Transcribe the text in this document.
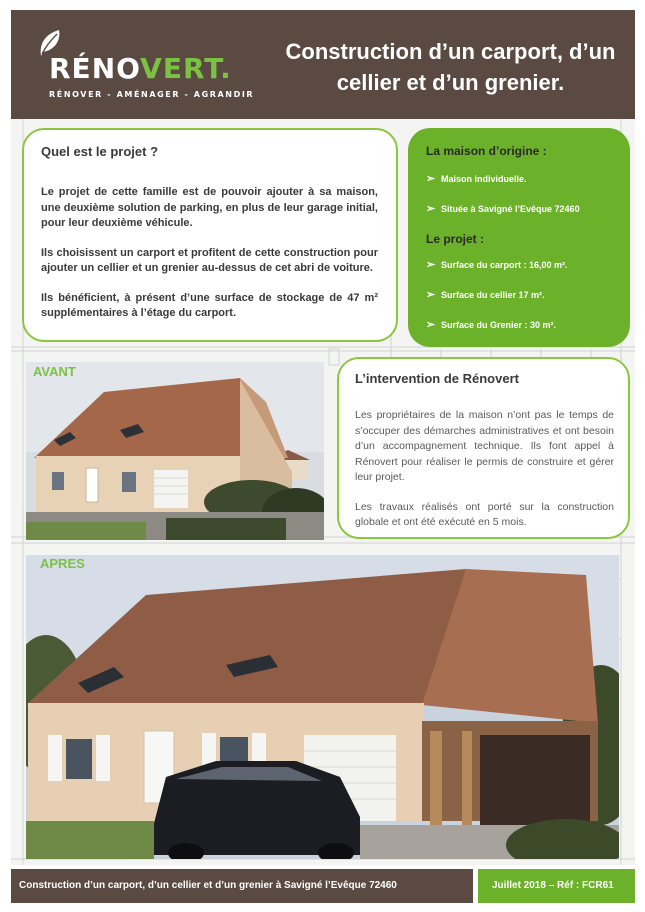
RÉNOVERT.
RÉNOVER - AMÉNAGER - AGRANDIR
Construction d’un carport, d’un
cellier et d’un grenier.
Quel est le projet ?

Le projet de cette famille est de pouvoir ajouter à sa maison, une deuxième solution de parking, en plus de leur garage initial, pour leur deuxième véhicule.

Ils choisissent un carport et profitent de cette construction pour ajouter un cellier et un grenier au-dessus de cet abri de voiture.

Ils bénéficient, à présent d’une surface de stockage de 47 m² supplémentaires à l’étage du carport.

La maison d’origine :
➢ Maison individuelle.
➢ Située à Savigné l’Evêque 72460
Le projet :
➢ Surface du carport : 16,00 m².
➢ Surface du cellier 17 m².
➢ Surface du Grenier : 30 m².
AVANT	L’intervention de Rénovert

Les propriétaires de la maison n’ont pas le temps de s’occuper des démarches administratives et ont besoin d’un accompagnement technique. Ils font appel à Rénovert pour réaliser le permis de construire et gérer leur projet.

Les travaux réalisés ont porté sur la construction globale et ont été exécuté en 5 mois.

APRES
Construction d’un carport, d’un cellier et d’un grenier à Savigné l’Evêque 72460	Juillet 2018 – Réf : FCR61
